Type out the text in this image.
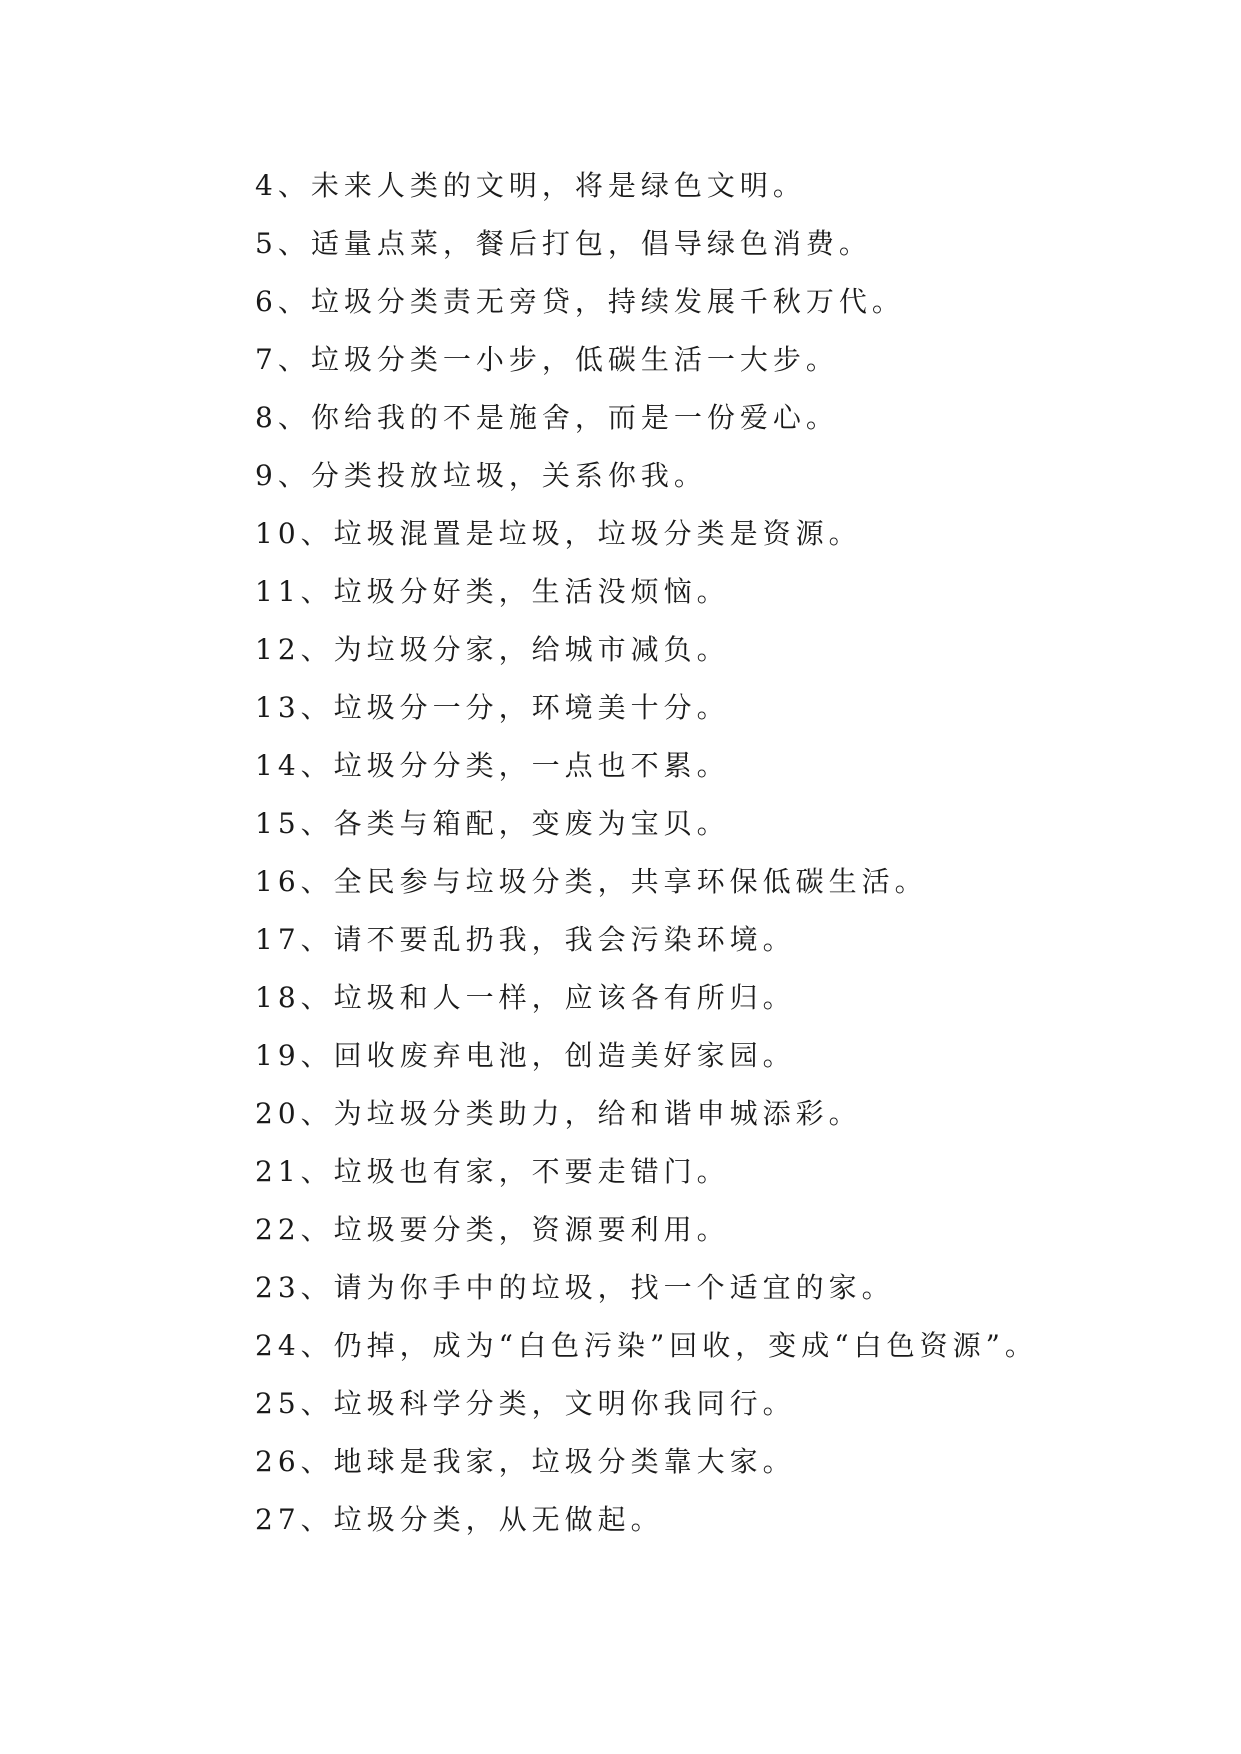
4、未来人类的文明，将是绿色文明。
5、适量点菜，餐后打包，倡导绿色消费。
6、垃圾分类责无旁贷，持续发展千秋万代。
7、垃圾分类一小步，低碳生活一大步。
8、你给我的不是施舍，而是一份爱心。
9、分类投放垃圾，关系你我。
10、垃圾混置是垃圾，垃圾分类是资源。
11、垃圾分好类，生活没烦恼。
12、为垃圾分家，给城市减负。
13、垃圾分一分，环境美十分。
14、垃圾分分类，一点也不累。
15、各类与箱配，变废为宝贝。
16、全民参与垃圾分类，共享环保低碳生活。
17、请不要乱扔我，我会污染环境。
18、垃圾和人一样，应该各有所归。
19、回收废弃电池，创造美好家园。
20、为垃圾分类助力，给和谐申城添彩。
21、垃圾也有家，不要走错门。
22、垃圾要分类，资源要利用。
23、请为你手中的垃圾，找一个适宜的家。
24、仍掉，成为“白色污染”回收，变成“白色资源”。
25、垃圾科学分类，文明你我同行。
26、地球是我家，垃圾分类靠大家。
27、垃圾分类，从无做起。
